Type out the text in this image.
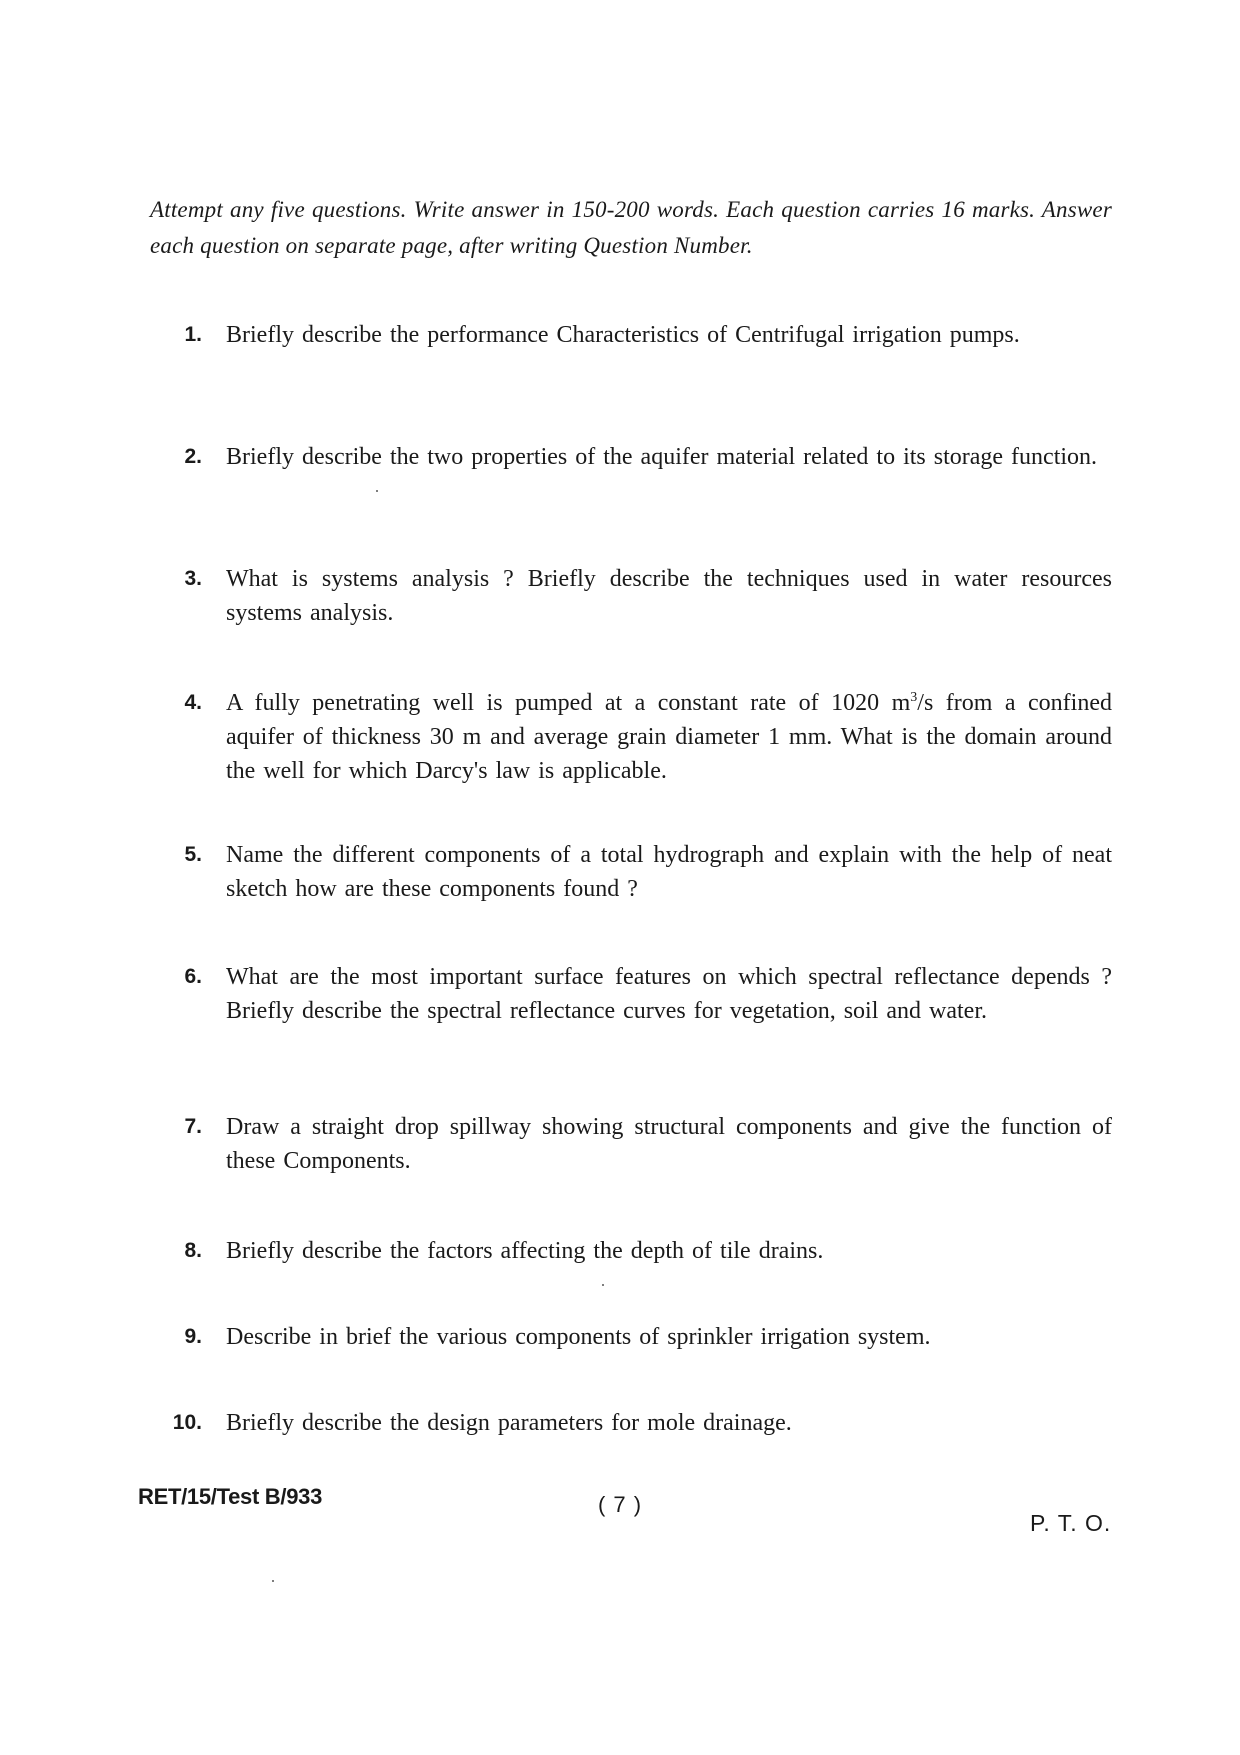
Attempt any five questions. Write answer in 150-200 words. Each question carries 16 marks. Answer each question on separate page, after writing Question Number.
1. Briefly describe the performance Characteristics of Centrifugal irrigation pumps.
2. Briefly describe the two properties of the aquifer material related to its storage function.
3. What is systems analysis ? Briefly describe the techniques used in water resources systems analysis.
4. A fully penetrating well is pumped at a constant rate of 1020 $m^3/s$ from a confined aquifer of thickness 30 m and average grain diameter 1 mm. What is the domain around the well for which Darcy's law is applicable.
5. Name the different components of a total hydrograph and explain with the help of neat sketch how are these components found ?
6. What are the most important surface features on which spectral reflectance depends ? Briefly describe the spectral reflectance curves for vegetation, soil and water.
7. Draw a straight drop spillway showing structural components and give the function of these Components.
8. Briefly describe the factors affecting the depth of tile drains.
9. Describe in brief the various components of sprinkler irrigation system.
10. Briefly describe the design parameters for mole drainage.
RET/15/Test B/933	( 7 )
P. T. O.
